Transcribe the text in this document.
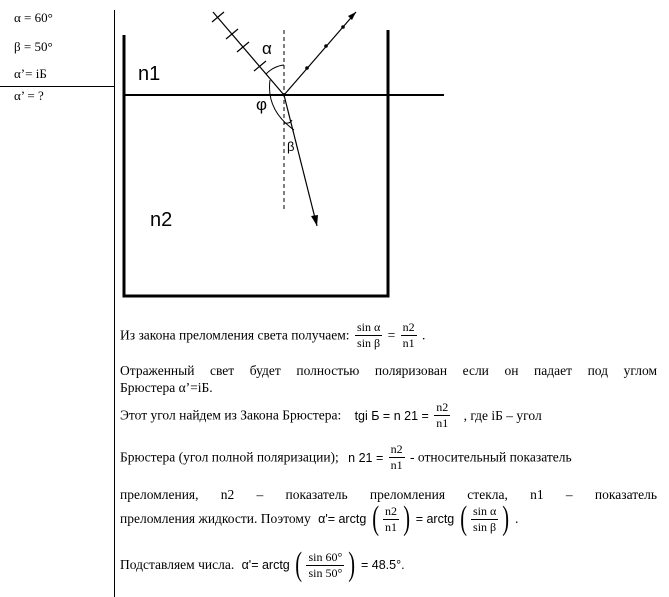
α = 60°
β = 50°
α’= iБ
α’ = ?
n1
n2
α
φ
β
Из закона преломления света получаем: $\frac{\text{sin α}}{\text{sin β}} = \frac{n2}{n1}$ .
Отраженный свет будет полностью поляризован если он падает под углом
Брюстера α’=iБ.
Этот угол найдем из Закона Брюстера: tgi Б = n $21 = \frac{n2}{n1}$ , где iБ – угол
Брюстера (угол полной поляризации); n $21 = \frac{n2}{n1}$ - относительный показатель
преломления, n2 – показатель преломления стекла, n1 – показатель
преломления жидкости. Поэтому α'= arctg ( $\frac{n2}{n1}$ ) = arctg ( $\frac{\text{sin α}}{\text{sin β}}$ ) .
Подставляем числа. α'= arctg ( $\frac{\sin 60^\circ}{\sin 50^\circ}$ ) = 48.5°.
